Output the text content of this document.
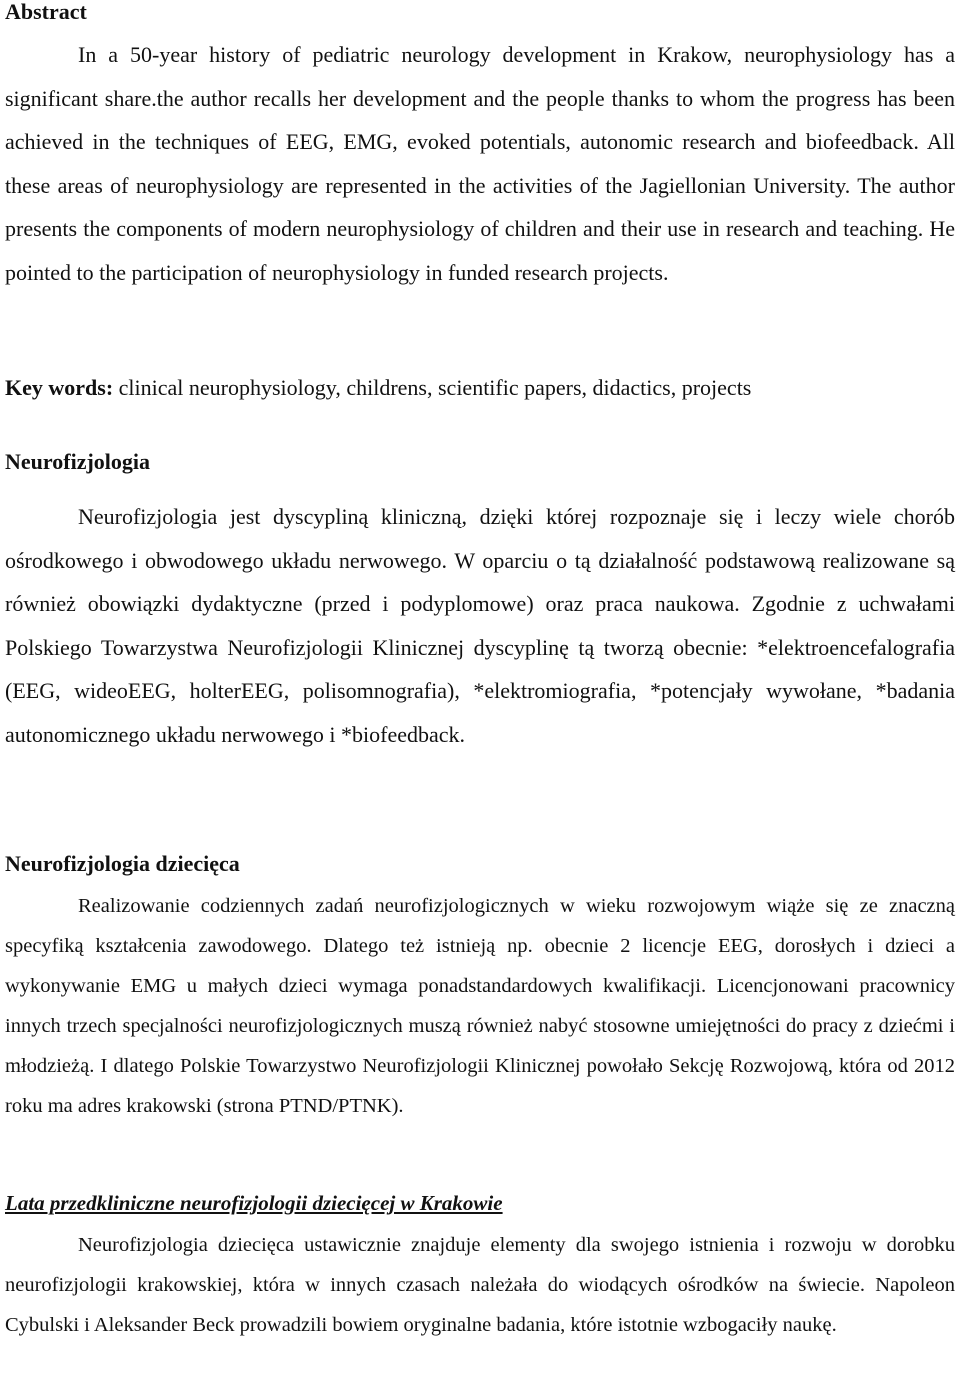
Abstract

In a 50-year history of pediatric neurology development in Krakow, neurophysiology has a significant share.the author recalls her development and the people thanks to whom the progress has been achieved in the techniques of EEG, EMG, evoked potentials, autonomic research and biofeedback. All these areas of neurophysiology are represented in the activities of the Jagiellonian University. The author presents the components of modern neurophysiology of children and their use in research and teaching. He pointed to the participation of neurophysiology in funded research projects.

Key words: clinical neurophysiology, childrens, scientific papers, didactics, projects

Neurofizjologia

Neurofizjologia jest dyscypliną kliniczną, dzięki której rozpoznaje się i leczy wiele chorób ośrodkowego i obwodowego układu nerwowego. W oparciu o tą działalność podstawową realizowane są również obowiązki dydaktyczne (przed i podyplomowe) oraz praca naukowa. Zgodnie z uchwałami Polskiego Towarzystwa Neurofizjologii Klinicznej dyscyplinę tą tworzą obecnie: *elektroencefalografia (EEG, wideoEEG, holterEEG, polisomnografia), *elektromiografia, *potencjały wywołane, *badania autonomicznego układu nerwowego i *biofeedback.

Neurofizjologia dziecięca

Realizowanie codziennych zadań neurofizjologicznych w wieku rozwojowym wiąże się ze znaczną specyfiką kształcenia zawodowego. Dlatego też istnieją np. obecnie 2 licencje EEG, dorosłych i dzieci a wykonywanie EMG u małych dzieci wymaga ponadstandardowych kwalifikacji. Licencjonowani pracownicy innych trzech specjalności neurofizjologicznych muszą również nabyć stosowne umiejętności do pracy z dziećmi i młodzieżą. I dlatego Polskie Towarzystwo Neurofizjologii Klinicznej powołało Sekcję Rozwojową, która od 2012 roku ma adres krakowski (strona PTND/PTNK).

Lata przedkliniczne neurofizjologii dziecięcej w Krakowie

Neurofizjologia dziecięca ustawicznie znajduje elementy dla swojego istnienia i rozwoju w dorobku neurofizjologii krakowskiej, która w innych czasach należała do wiodących ośrodków na świecie. Napoleon Cybulski i Aleksander Beck prowadzili bowiem oryginalne badania, które istotnie wzbogaciły naukę.
